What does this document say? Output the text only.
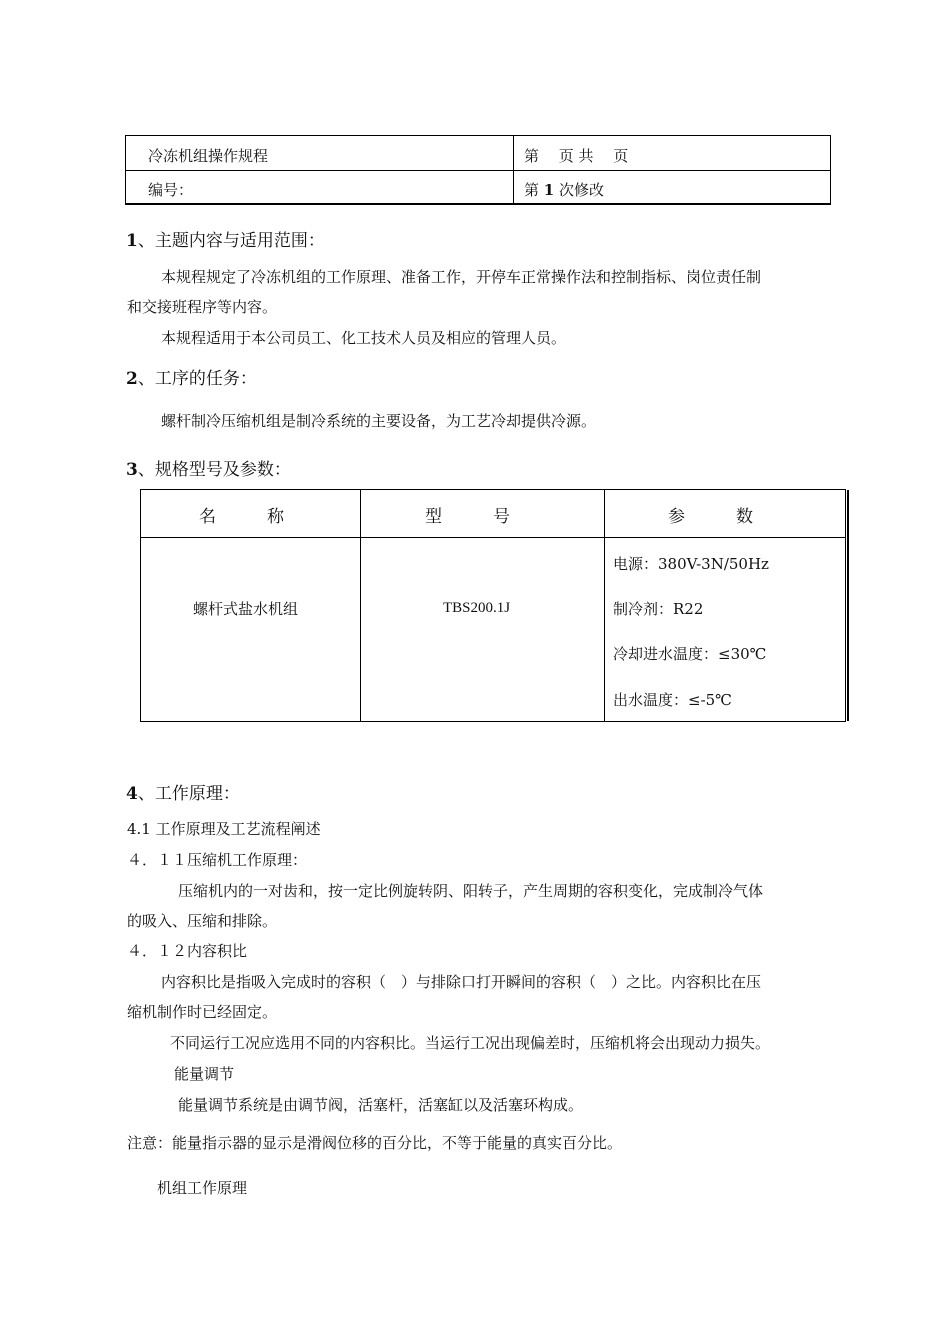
冷冻机组操作规程	第　 页 共　 页
编号：	第 1 次修改
1、主题内容与适用范围：
本规程规定了冷冻机组的工作原理、准备工作，开停车正常操作法和控制指标、岗位责任制
和交接班程序等内容。
本规程适用于本公司员工、化工技术人员及相应的管理人员。
2、工序的任务：
螺杆制冷压缩机组是制冷系统的主要设备，为工艺冷却提供冷源。
3、规格型号及参数：
名　　　称	型　　　号	参　　　数
螺杆式盐水机组	TBS200.1J
电源：380V-3N/50Hz
制冷剂：R22
冷却进水温度：≤30℃
出水温度：≤-5℃
4、工作原理：
4.1 工作原理及工艺流程阐述
４．１１压缩机工作原理：
压缩机内的一对齿和，按一定比例旋转阴、阳转子，产生周期的容积变化，完成制冷气体
的吸入、压缩和排除。
４．１２内容积比
内容积比是指吸入完成时的容积（　）与排除口打开瞬间的容积（　）之比。内容积比在压
缩机制作时已经固定。
不同运行工况应选用不同的内容积比。当运行工况出现偏差时，压缩机将会出现动力损失。
能量调节
能量调节系统是由调节阀，活塞杆，活塞缸以及活塞环构成。
注意：能量指示器的显示是滑阀位移的百分比，不等于能量的真实百分比。
机组工作原理
